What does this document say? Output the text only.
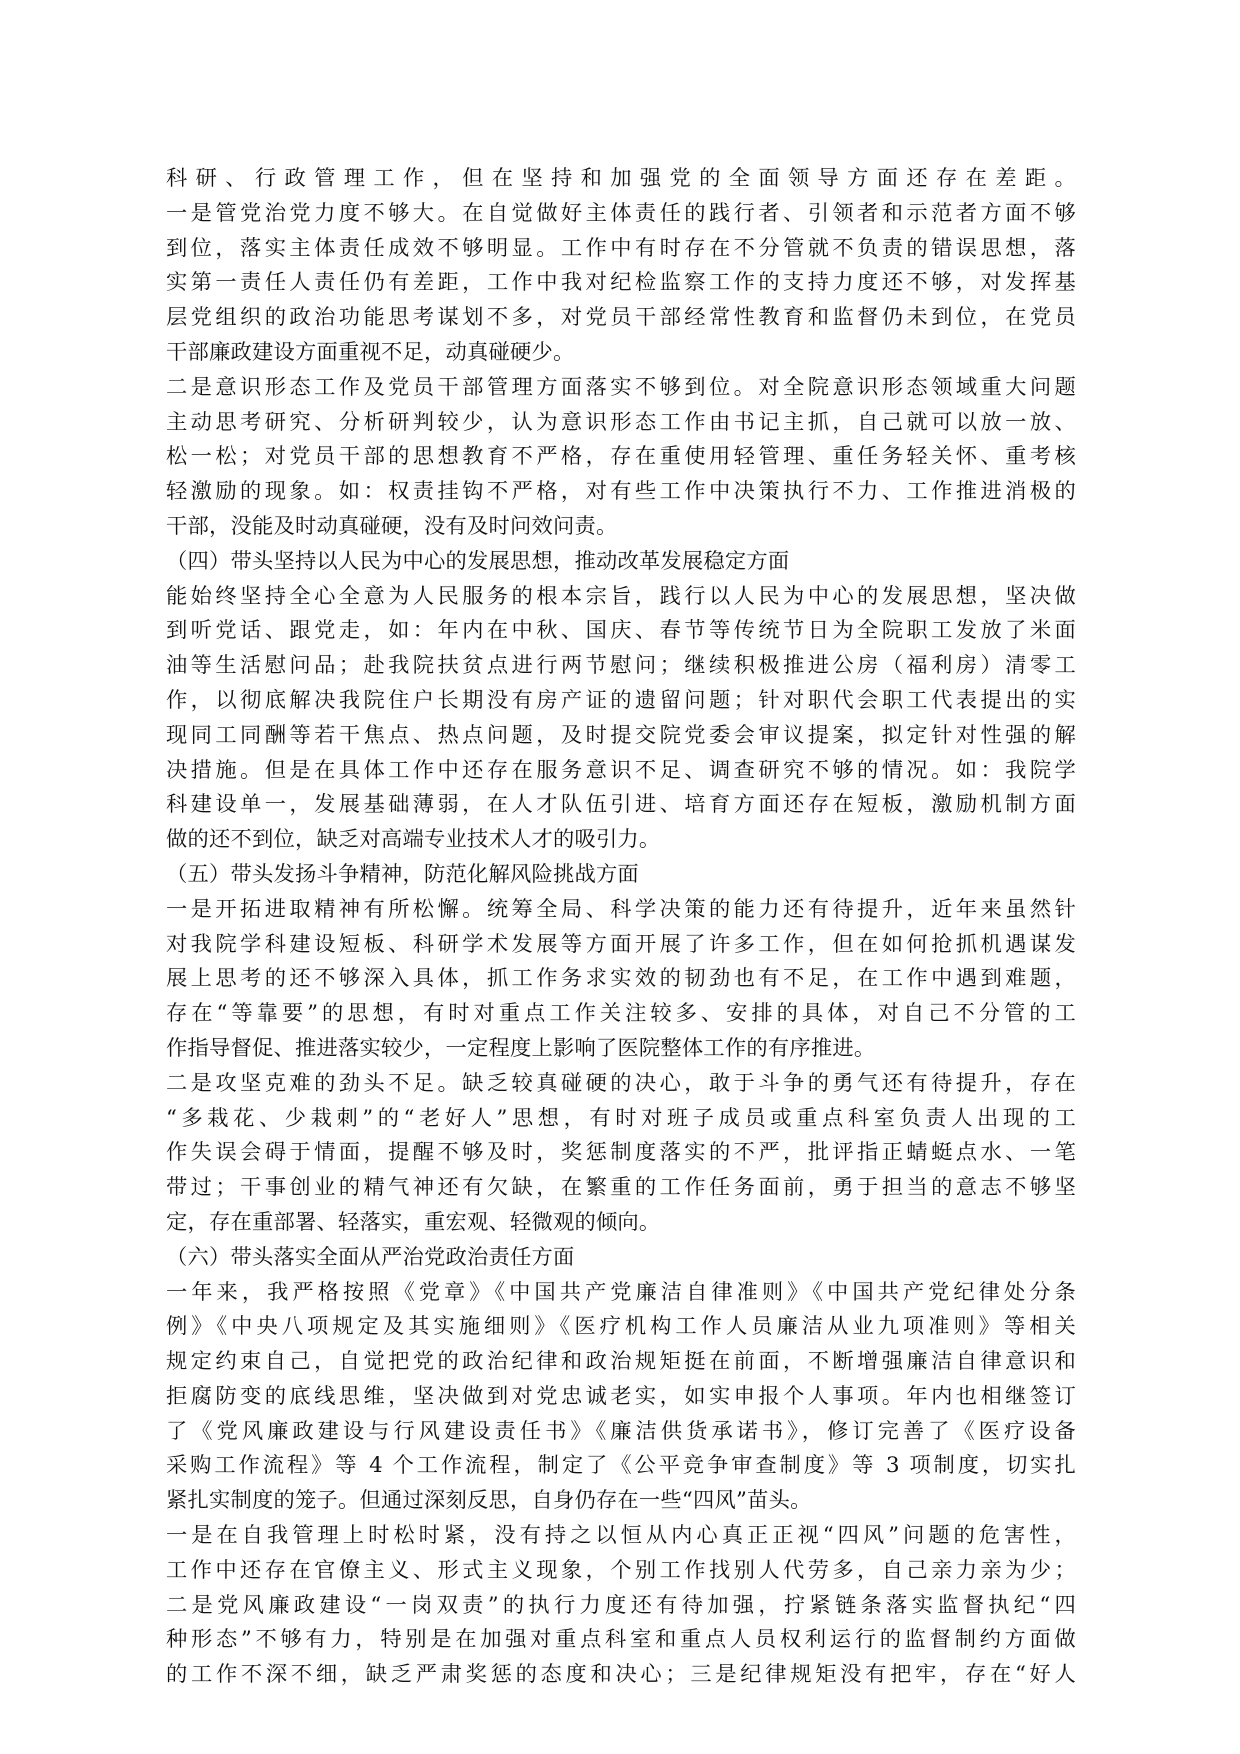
科研、行政管理工作，但在坚持和加强党的全面领导方面还存在差距。
一是管党治党力度不够大。在自觉做好主体责任的践行者、引领者和示范者方面不够
到位，落实主体责任成效不够明显。工作中有时存在不分管就不负责的错误思想，落
实第一责任人责任仍有差距，工作中我对纪检监察工作的支持力度还不够，对发挥基
层党组织的政治功能思考谋划不多，对党员干部经常性教育和监督仍未到位，在党员
干部廉政建设方面重视不足，动真碰硬少。
二是意识形态工作及党员干部管理方面落实不够到位。对全院意识形态领域重大问题
主动思考研究、分析研判较少，认为意识形态工作由书记主抓，自己就可以放一放、
松一松；对党员干部的思想教育不严格，存在重使用轻管理、重任务轻关怀、重考核
轻激励的现象。如：权责挂钩不严格，对有些工作中决策执行不力、工作推进消极的
干部，没能及时动真碰硬，没有及时问效问责。
（四）带头坚持以人民为中心的发展思想，推动改革发展稳定方面
能始终坚持全心全意为人民服务的根本宗旨，践行以人民为中心的发展思想，坚决做
到听党话、跟党走，如：年内在中秋、国庆、春节等传统节日为全院职工发放了米面
油等生活慰问品；赴我院扶贫点进行两节慰问；继续积极推进公房（福利房）清零工
作，以彻底解决我院住户长期没有房产证的遗留问题；针对职代会职工代表提出的实
现同工同酬等若干焦点、热点问题，及时提交院党委会审议提案，拟定针对性强的解
决措施。但是在具体工作中还存在服务意识不足、调查研究不够的情况。如：我院学
科建设单一，发展基础薄弱，在人才队伍引进、培育方面还存在短板，激励机制方面
做的还不到位，缺乏对高端专业技术人才的吸引力。
（五）带头发扬斗争精神，防范化解风险挑战方面
一是开拓进取精神有所松懈。统筹全局、科学决策的能力还有待提升，近年来虽然针
对我院学科建设短板、科研学术发展等方面开展了许多工作，但在如何抢抓机遇谋发
展上思考的还不够深入具体，抓工作务求实效的韧劲也有不足，在工作中遇到难题，
存在“等靠要”的思想，有时对重点工作关注较多、安排的具体，对自己不分管的工
作指导督促、推进落实较少，一定程度上影响了医院整体工作的有序推进。
二是攻坚克难的劲头不足。缺乏较真碰硬的决心，敢于斗争的勇气还有待提升，存在
“多栽花、少栽刺”的“老好人”思想，有时对班子成员或重点科室负责人出现的工
作失误会碍于情面，提醒不够及时，奖惩制度落实的不严，批评指正蜻蜓点水、一笔
带过；干事创业的精气神还有欠缺，在繁重的工作任务面前，勇于担当的意志不够坚
定，存在重部署、轻落实，重宏观、轻微观的倾向。
（六）带头落实全面从严治党政治责任方面
一年来，我严格按照《党章》《中国共产党廉洁自律准则》《中国共产党纪律处分条
例》《中央八项规定及其实施细则》《医疗机构工作人员廉洁从业九项准则》等相关
规定约束自己，自觉把党的政治纪律和政治规矩挺在前面，不断增强廉洁自律意识和
拒腐防变的底线思维，坚决做到对党忠诚老实，如实申报个人事项。年内也相继签订
了《党风廉政建设与行风建设责任书》《廉洁供货承诺书》，修订完善了《医疗设备
采购工作流程》等 4 个工作流程，制定了《公平竞争审查制度》等 3 项制度，切实扎
紧扎实制度的笼子。但通过深刻反思，自身仍存在一些“四风”苗头。
一是在自我管理上时松时紧，没有持之以恒从内心真正正视“四风”问题的危害性，
工作中还存在官僚主义、形式主义现象，个别工作找别人代劳多，自己亲力亲为少；
二是党风廉政建设“一岗双责”的执行力度还有待加强，拧紧链条落实监督执纪“四
种形态”不够有力，特别是在加强对重点科室和重点人员权利运行的监督制约方面做
的工作不深不细，缺乏严肃奖惩的态度和决心；三是纪律规矩没有把牢，存在“好人
